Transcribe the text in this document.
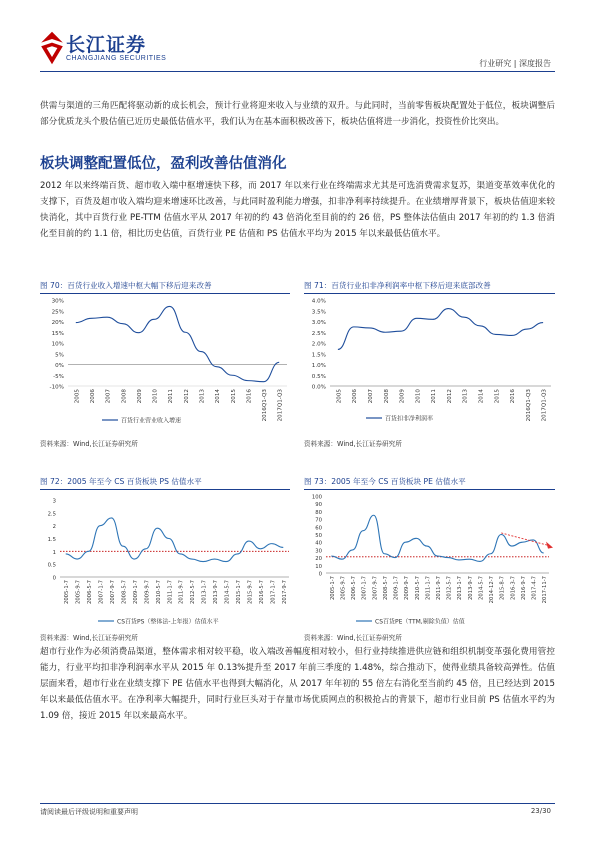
长江证券
CHANGJIANG SECURITIES
行业研究 | 深度报告
供需与渠道的三角匹配将驱动新的成长机会，预计行业将迎来收入与业绩的双升。与此同时，当前零售板块配置处于低位，板块调整后部分优质龙头个股估值已近历史最低估值水平，我们认为在基本面积极改善下，板块估值将进一步消化，投资性价比突出。
板块调整配置低位，盈利改善估值消化
2012 年以来终端百货、超市收入端中枢增速快下移，而 2017 年以来行业在终端需求尤其是可选消费需求复苏，渠道变革效率优化的支撑下，百货及超市收入端均迎来增速环比改善，与此同时盈利能力增强，扣非净利率持续提升。在业绩增厚背景下，板块估值迎来较快消化，其中百货行业 PE-TTM 估值水平从 2017 年初的约 43 倍消化至目前的约 26 倍，PS 整体法估值由 2017 年初的约 1.3 倍消化至目前的约 1.1 倍，相比历史估值，百货行业 PE 估值和 PS 估值水平均为 2015 年以来最低估值水平。
图 70：百货行业收入增速中枢大幅下移后迎来改善
30%
25%
20%
15%
10%
5%
0%
-5%
-10%
2005 2006 2007 2008 2009 2010 2011 2012 2013 2014 2015 2016 2016Q1-Q3 2017Q1-Q3
百货行业营业收入增速
资料来源：Wind,长江证券研究所
图 71：百货行业扣非净利润率中枢下移后迎来底部改善
4.0%
3.5%
3.0%
2.5%
2.0%
1.5%
1.0%
0.5%
0.0%
2005 2006 2007 2008 2009 2010 2011 2012 2013 2014 2015 2016 2016Q1-Q3 2017Q1-Q3
百货扣非净利润率
资料来源：Wind,长江证券研究所
图 72：2005 年至今 CS 百货板块 PS 估值水平
3
2.5
2
1.5
1
0.5
0
2005-1-7 2005-9-7 2006-5-7 2007-1-7 2007-9-7 2008-5-7 2009-1-7 2009-9-7 2010-5-7 2011-1-7 2011-9-7 2012-5-7 2013-1-7 2013-9-7 2014-5-7 2015-1-7 2015-9-7 2016-5-7 2017-1-7 2017-9-7
CS百货PS（整体法-上年报）估值水平
资料来源：Wind,长江证券研究所
图 73：2005 年至今 CS 百货板块 PE 估值水平
100
90
80
70
60
50
40
30
20
10
0
2005-1-7 2005-9-7 2006-5-7 2007-1-7 2007-9-7 2008-5-7 2009-1-7 2009-9-7 2010-5-7 2011-1-7 2011-9-7 2012-5-7 2013-1-7 2013-9-7 2014-5-7 2014-12-7 2015-8-7 2016-3-7 2016-9-7 2017-4-7 2017-11-7
CS百货PE（TTM,剔除负值）估值
资料来源：Wind,长江证券研究所
超市行业作为必须消费品渠道，整体需求相对较平稳，收入端改善幅度相对较小，但行业持续推进供应链和组织机制变革强化费用管控能力，行业平均扣非净利润率水平从 2015 年 0.13%提升至 2017 年前三季度的 1.48%，综合推动下，使得业绩具备较高弹性。估值层面来看，超市行业在业绩支撑下 PE 估值水平也得到大幅消化，从 2017 年年初的 55 倍左右消化至当前约 45 倍，且已经达到 2015 年以来最低估值水平。在净利率大幅提升，同时行业巨头对于存量市场优质网点的积极抢占的背景下，超市行业目前 PS 估值水平约为 1.09 倍，接近 2015 年以来最高水平。
请阅读最后评级说明和重要声明	23/30
